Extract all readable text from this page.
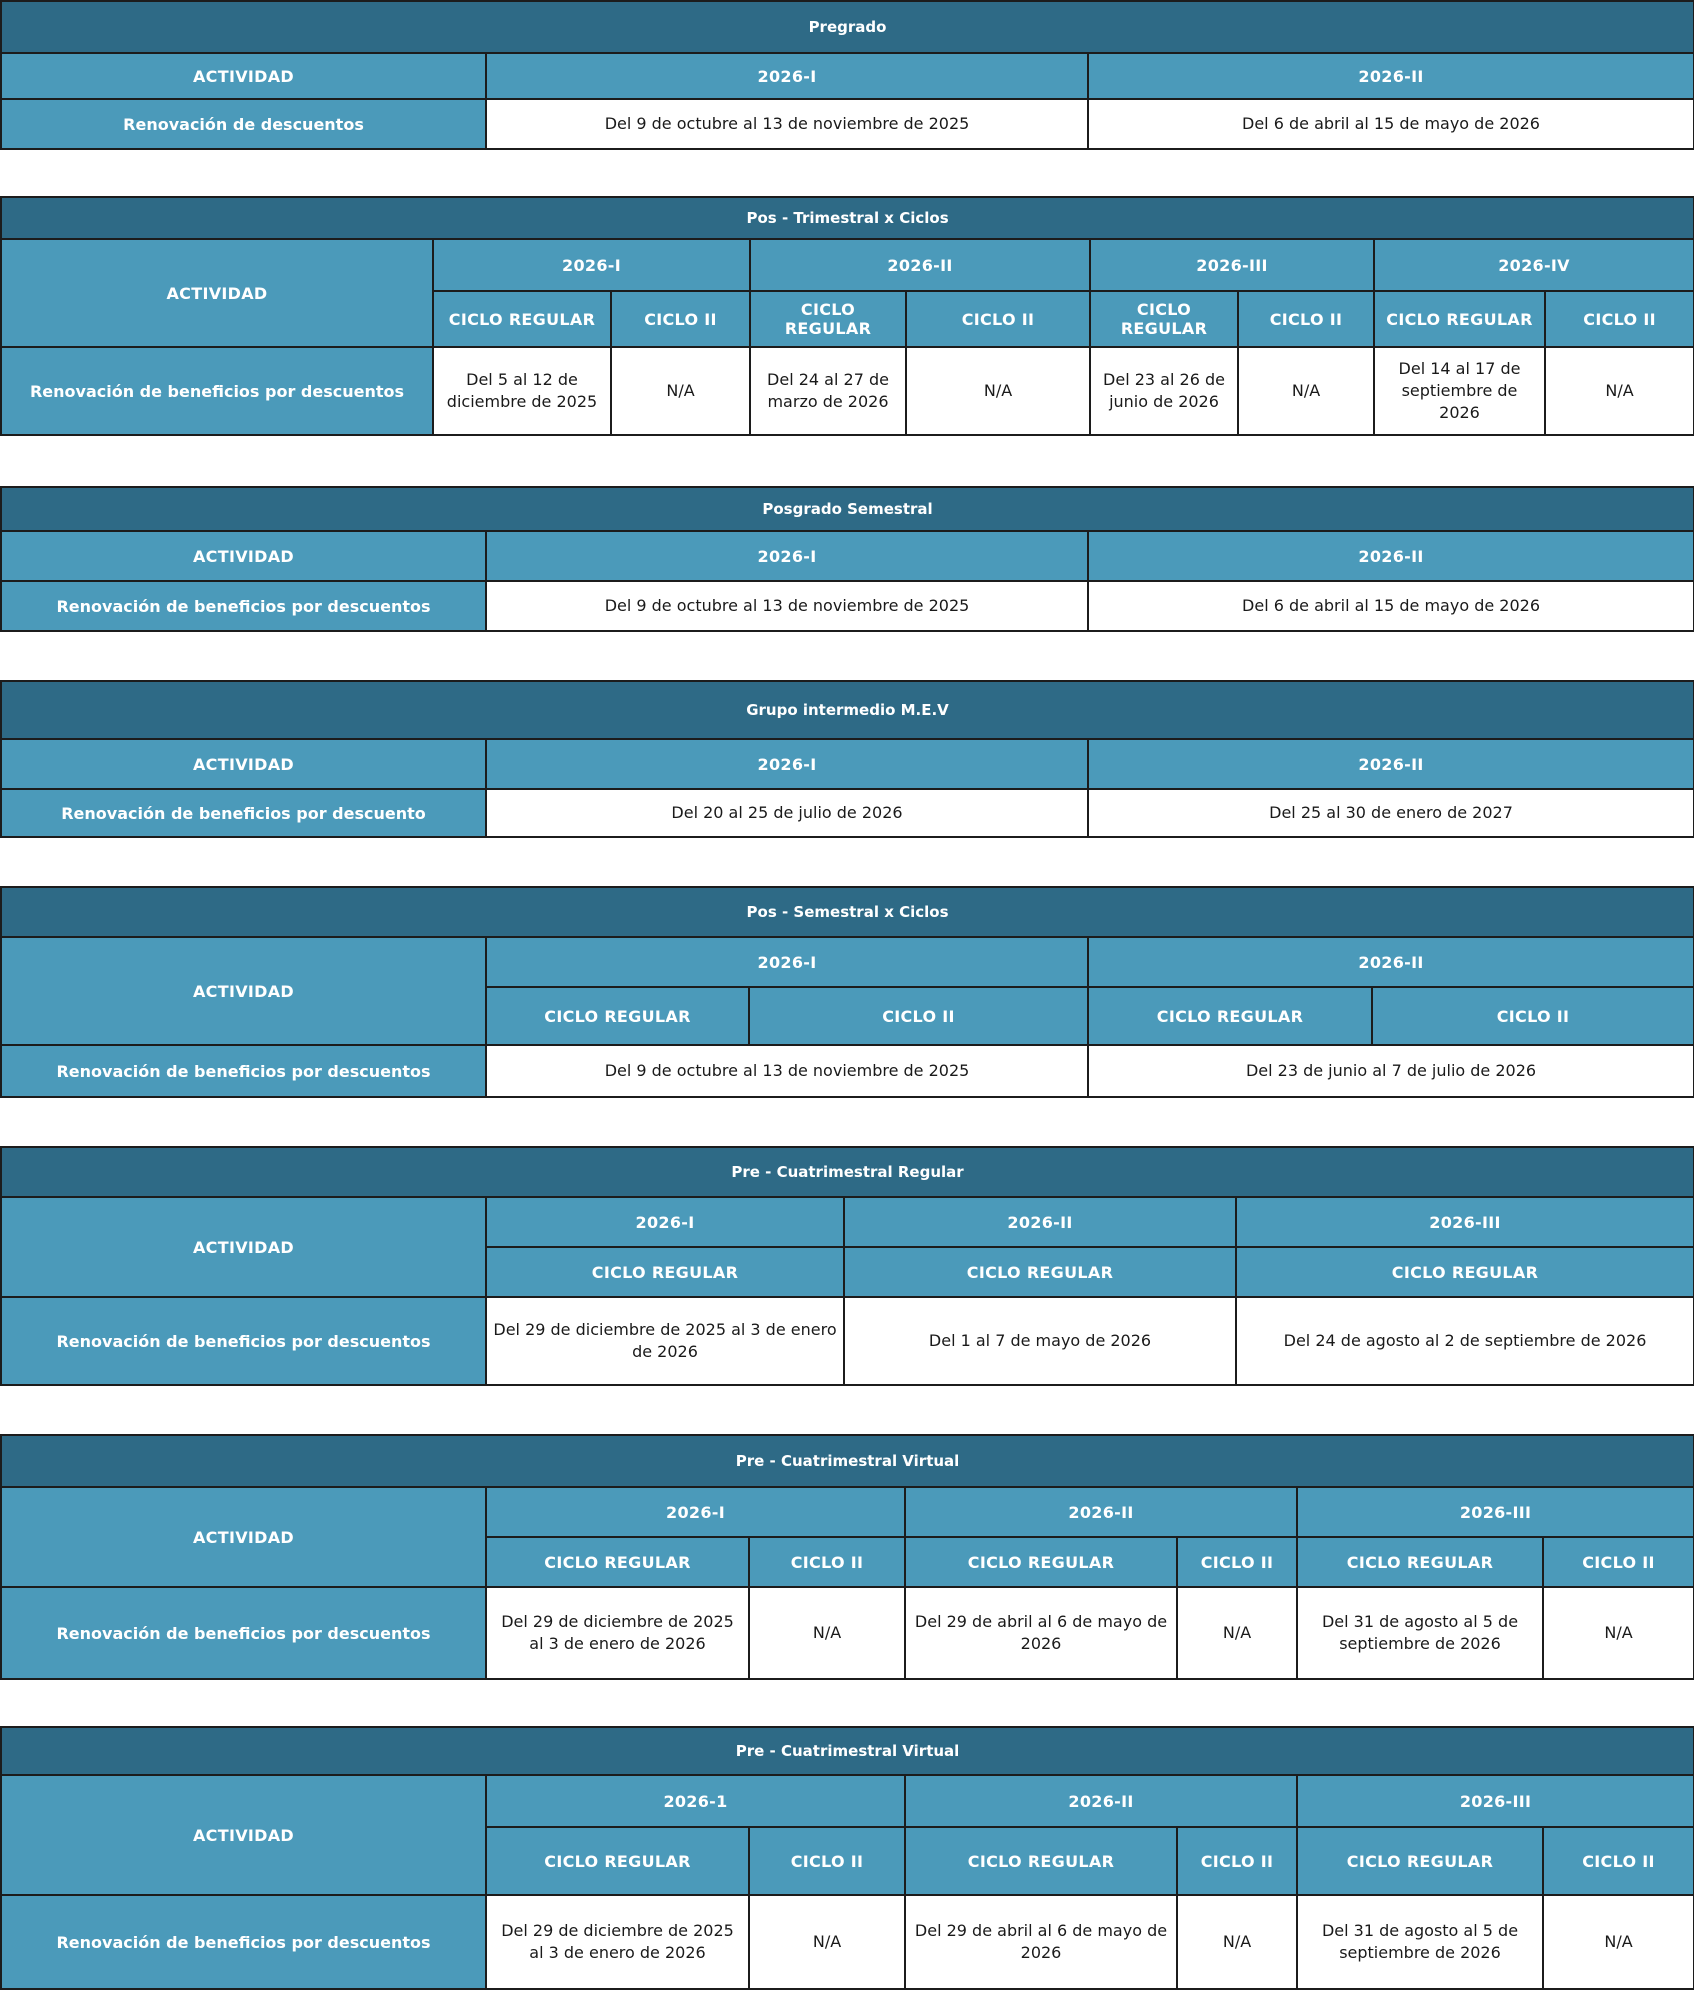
Pregrado		
ACTIVIDAD	2026-I	2026-II
Renovación de descuentos	Del 9 de octubre al 13 de noviembre de 2025	Del 6 de abril al 15 de mayo de 2026
Pos - Trimestral x Ciclos								
ACTIVIDAD	2026-I		2026-II		2026-III		2026-IV	
	CICLO REGULAR	CICLO II	CICLO REGULAR	CICLO II	CICLO REGULAR	CICLO II	CICLO REGULAR	CICLO II
Renovación de beneficios por descuentos	Del 5 al 12 de diciembre de 2025	N/A	Del 24 al 27 de marzo de 2026	N/A	Del 23 al 26 de junio de 2026	N/A	Del 14 al 17 de septiembre de 2026	N/A
Posgrado Semestral		
ACTIVIDAD	2026-I	2026-II
Renovación de beneficios por descuentos	Del 9 de octubre al 13 de noviembre de 2025	Del 6 de abril al 15 de mayo de 2026
Grupo intermedio M.E.V		
ACTIVIDAD	2026-I	2026-II
Renovación de beneficios por descuento	Del 20 al 25 de julio de 2026	Del 25 al 30 de enero de 2027
Pos - Semestral x Ciclos				
ACTIVIDAD	2026-I		2026-II	
	CICLO REGULAR	CICLO II	CICLO REGULAR	CICLO II
Renovación de beneficios por descuentos	Del 9 de octubre al 13 de noviembre de 2025		Del 23 de junio al 7 de julio de 2026	
Pre - Cuatrimestral Regular			
ACTIVIDAD	2026-I	2026-II	2026-III
	CICLO REGULAR	CICLO REGULAR	CICLO REGULAR
Renovación de beneficios por descuentos	Del 29 de diciembre de 2025 al 3 de enero de 2026	Del 1 al 7 de mayo de 2026	Del 24 de agosto al 2 de septiembre de 2026
Pre - Cuatrimestral Virtual						
ACTIVIDAD	2026-I		2026-II		2026-III	
	CICLO REGULAR	CICLO II	CICLO REGULAR	CICLO II	CICLO REGULAR	CICLO II
Renovación de beneficios por descuentos	Del 29 de diciembre de 2025 al 3 de enero de 2026	N/A	Del 29 de abril al 6 de mayo de 2026	N/A	Del 31 de agosto al 5 de septiembre de 2026	N/A
Pre - Cuatrimestral Virtual						
ACTIVIDAD	2026-1		2026-II		2026-III	
	CICLO REGULAR	CICLO II	CICLO REGULAR	CICLO II	CICLO REGULAR	CICLO II
Renovación de beneficios por descuentos	Del 29 de diciembre de 2025 al 3 de enero de 2026	N/A	Del 29 de abril al 6 de mayo de 2026	N/A	Del 31 de agosto al 5 de septiembre de 2026	N/A
